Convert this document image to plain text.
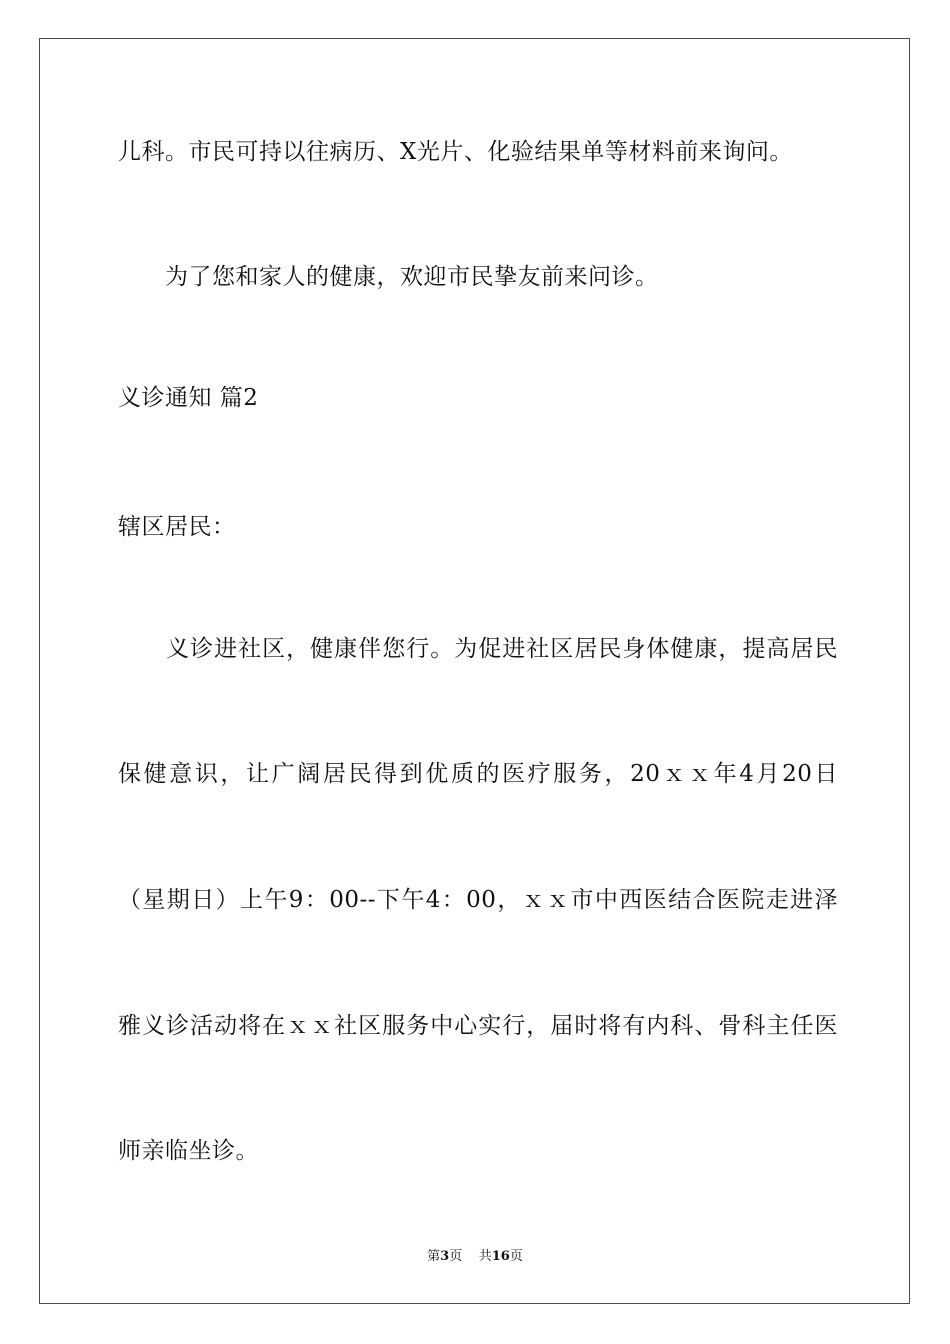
儿科。市民可持以往病历、X光片、化验结果单等材料前来询问。
　　为了您和家人的健康，欢迎市民挚友前来问诊。
义诊通知 篇2
辖区居民：
　　义诊进社区，健康伴您行。为促进社区居民身体健康，提高居民
保健意识，让广阔居民得到优质的医疗服务，20ｘｘ年4月20日
（星期日）上午9：00--下午4：00，ｘｘ市中西医结合医院走进泽
雅义诊活动将在ｘｘ社区服务中心实行，届时将有内科、骨科主任医
师亲临坐诊。
第3页 共16页
